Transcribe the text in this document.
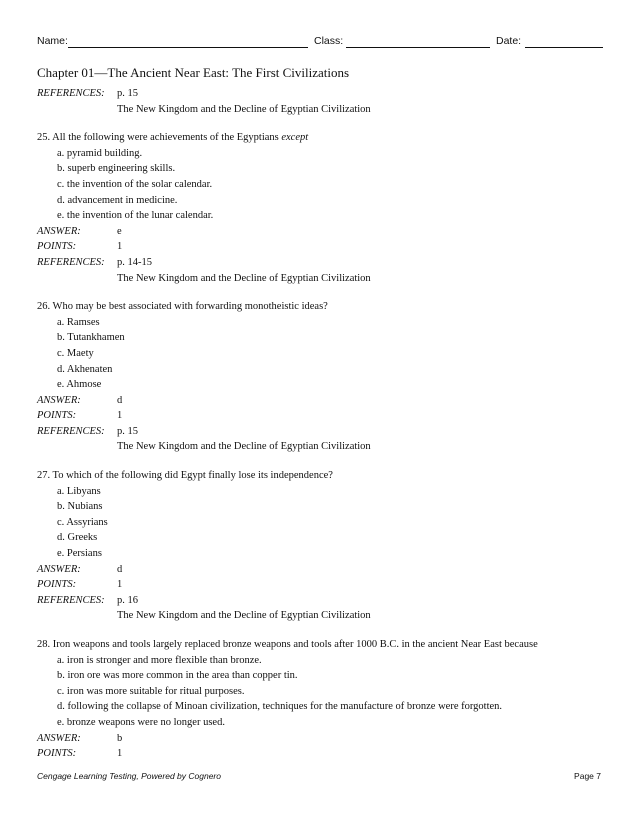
Name:	Class:	Date:
Chapter 01—The Ancient Near East: The First Civilizations
REFERENCES:	p. 15
The New Kingdom and the Decline of Egyptian Civilization
25. All the following were achievements of the Egyptians except
a. pyramid building.
b. superb engineering skills.
c. the invention of the solar calendar.
d. advancement in medicine.
e. the invention of the lunar calendar.
ANSWER:	e
POINTS:	1
REFERENCES:	p. 14-15
The New Kingdom and the Decline of Egyptian Civilization
26. Who may be best associated with forwarding monotheistic ideas?
a. Ramses
b. Tutankhamen
c. Maety
d. Akhenaten
e. Ahmose
ANSWER:	d
POINTS:	1
REFERENCES:	p. 15
The New Kingdom and the Decline of Egyptian Civilization
27. To which of the following did Egypt finally lose its independence?
a. Libyans
b. Nubians
c. Assyrians
d. Greeks
e. Persians
ANSWER:	d
POINTS:	1
REFERENCES:	p. 16
The New Kingdom and the Decline of Egyptian Civilization
28. Iron weapons and tools largely replaced bronze weapons and tools after 1000 B.C. in the ancient Near East because
a. iron is stronger and more flexible than bronze.
b. iron ore was more common in the area than copper tin.
c. iron was more suitable for ritual purposes.
d. following the collapse of Minoan civilization, techniques for the manufacture of bronze were forgotten.
e. bronze weapons were no longer used.
ANSWER:	b
POINTS:	1
Cengage Learning Testing, Powered by Cognero	Page 7
